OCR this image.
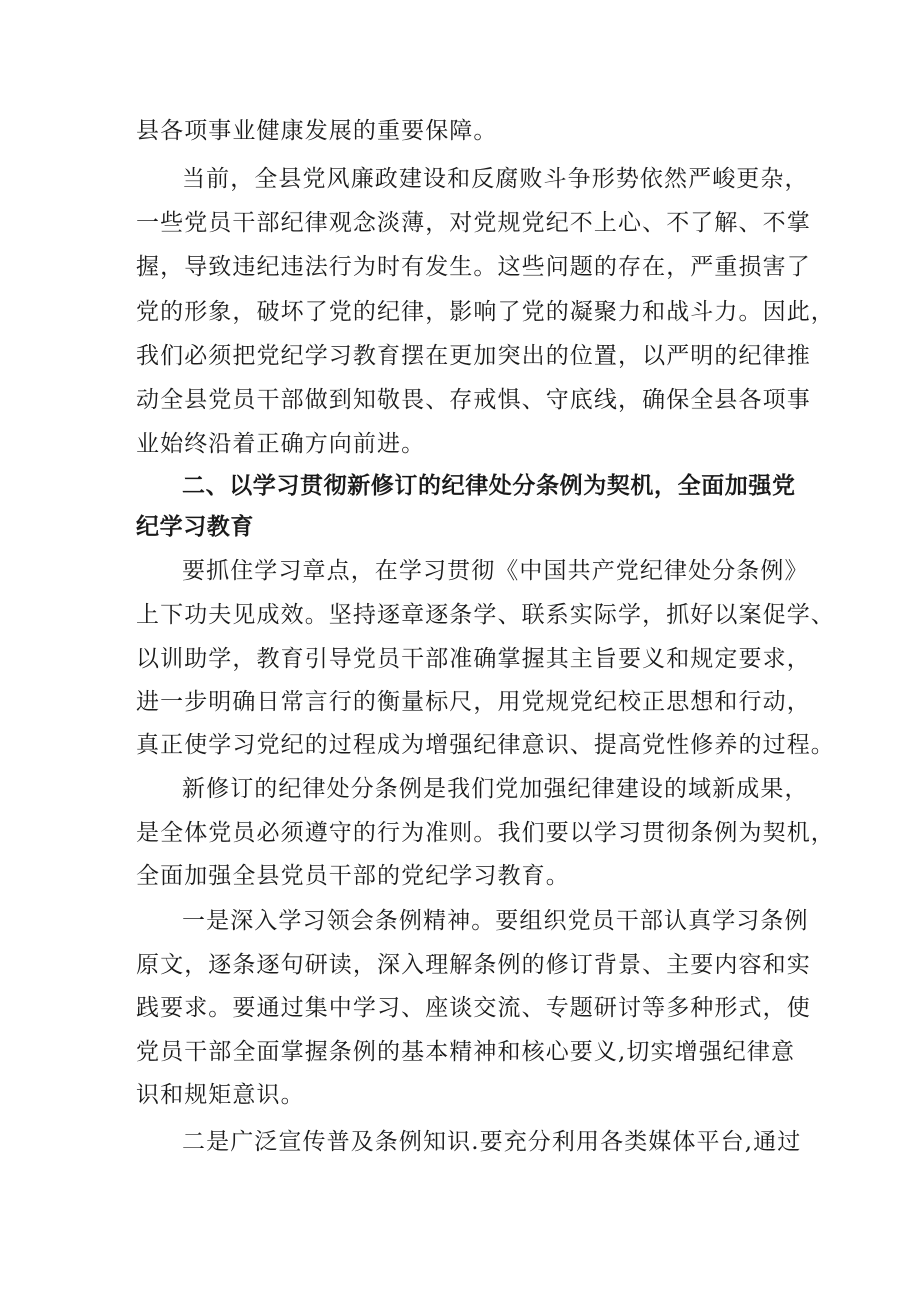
县各项事业健康发展的重要保障。
当前，全县党风廉政建设和反腐败斗争形势依然严峻更杂，
一些党员干部纪律观念淡薄，对党规党纪不上心、不了解、不掌
握，导致违纪违法行为时有发生。这些问题的存在，严重损害了
党的形象，破坏了党的纪律，影响了党的凝聚力和战斗力。因此，
我们必须把党纪学习教育摆在更加突出的位置，以严明的纪律推
动全县党员干部做到知敬畏、存戒惧、守底线，确保全县各项事
业始终沿着正确方向前进。
二、以学习贯彻新修订的纪律处分条例为契机，全面加强党
纪学习教育
要抓住学习章点，在学习贯彻《中国共产党纪律处分条例》
上下功夫见成效。坚持逐章逐条学、联系实际学，抓好以案促学、
以训助学，教育引导党员干部准确掌握其主旨要义和规定要求，
进一步明确日常言行的衡量标尺，用党规党纪校正思想和行动，
真正使学习党纪的过程成为增强纪律意识、提高党性修养的过程。
新修订的纪律处分条例是我们党加强纪律建设的域新成果，
是全体党员必须遵守的行为准则。我们要以学习贯彻条例为契机，
全面加强全县党员干部的党纪学习教育。
一是深入学习领会条例精神。要组织党员干部认真学习条例
原文，逐条逐句研读，深入理解条例的修订背景、主要内容和实
践要求。要通过集中学习、座谈交流、专题研讨等多种形式，使
党员干部全面掌握条例的基本精神和核心要义,切实增强纪律意
识和规矩意识。
二是广泛宣传普及条例知识.要充分利用各类媒体平台,通过
